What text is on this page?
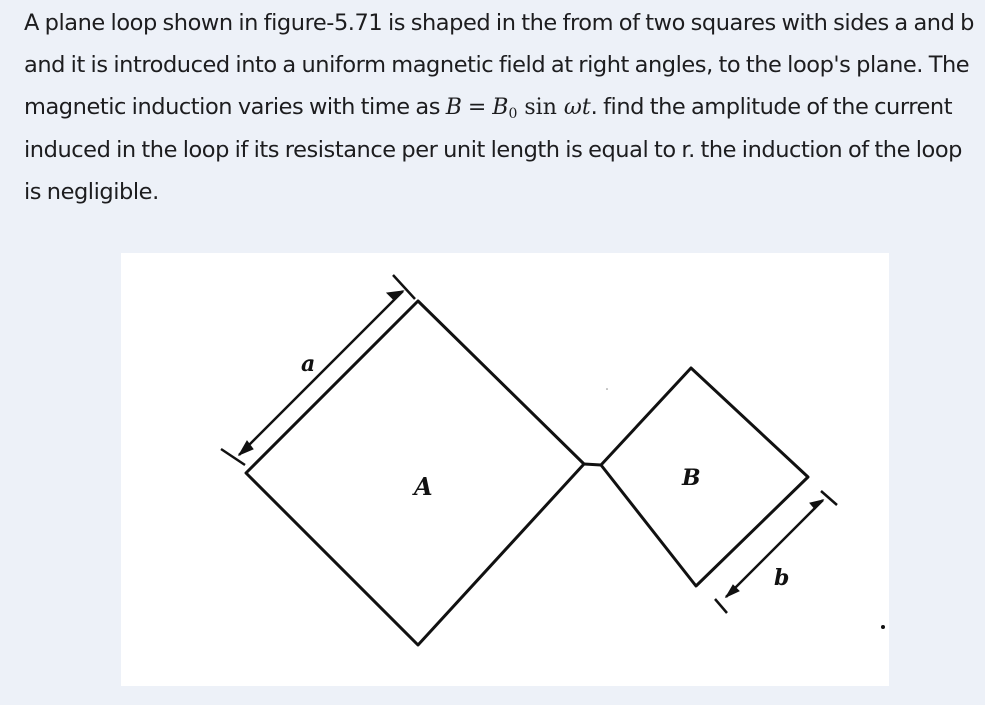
A plane loop shown in figure-5.71 is shaped in the from of two squares with sides a and b and it is introduced into a uniform magnetic field at right angles, to the loop's plane. The magnetic induction varies with time as $B = B_0$ sin ωt. find the amplitude of the current induced in the loop if its resistance per unit length is equal to r. the induction of the loop is negligible.

a
A	B
b
